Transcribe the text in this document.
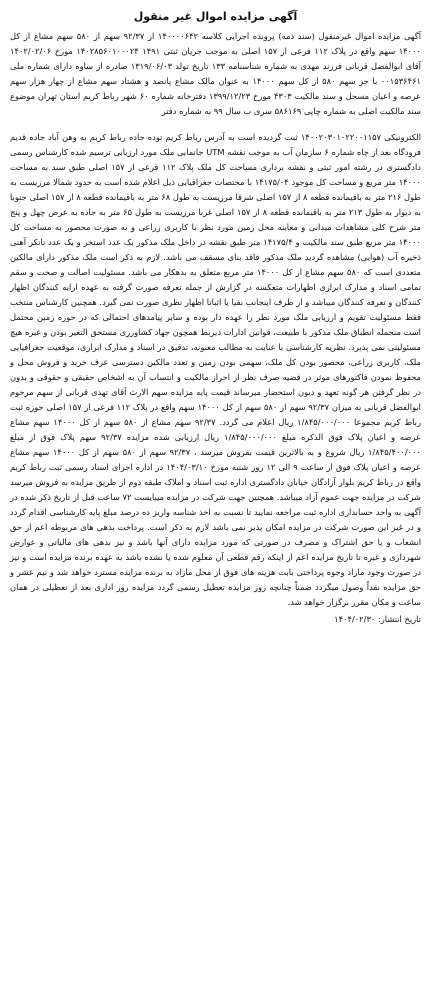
آگهی مزایده اموال غیر منقول

آگهی مزایده اموال غیرمنقول (سند ذمه) پرونده اجرایی کلاسه ۱۴۰۰۰۰۶۴۲ از ۹۲/۳۷ سهم از ۵۸۰ سهم مشاع از کل ۱۴۰۰۰ سهم واقع در پلاک ۱۱۲ فرعی از ۱۵۷ اصلی به موجب جریان ثبتی ۱۴۹۱ ۱۴۰۲۸۵۶۰۱۰۰۰۲۴ مورخ ۱۴۰۲/۰۲/۰۶ آقای ابوالفضل قربانی فرزند مهدی به شماره شناسنامه ۱۳۳ تاریخ تولد ۱۳۱۹/۰۶/۰۳ صادره از ساوه دارای شماره ملی ۰۰۱۵۳۶۴۶۱ با جز سهم ۵۸۰ از کل سهم ۱۴۰۰۰ به عنوان مالک مشاع پانصد و هشتاد سهم مشاع از چهار هزار سهم عرصه و اعیان مسجل و سند مالکیت ۴۳۰۳ مورخ ۱۳۹۹/۱۲/۲۳ دفترخانه شماره ۶۰ شهر رباط کریم استان تهران موضوع سند مالکیت اصلی به شماره چاپی ۵۸۶۱۶۹ سری ب سال ۹۹ به شماره دفتر

الکترونیکی ۱۴۰۰۲۰۳۰۱۰۲۲۰۰۱۱۵۷ ثبت گردیده است به آدرس رباط کریم توده جاده رباط کریم به وهن آباد جاده قدیم فرودگاه بعد از چاه شماره ۶ سازمان آب به موجب نقشه UTM جانمایی ملک مورد ارزیابی ترسیم شده کارشناس رسمی دادگستری در رشته امور ثبتی و نقشه برداری مساحت کل ملک پلاک ۱۱۲ فرعی از ۱۵۷ اصلی طبق سند به مساحت ۱۴۰۰۰ متر مربع و مساحت کل موجود ۱۴۱۷۵/۰۴ با مختصات جغرافیایی ذیل اعلام شده است به حدود شمالا مرزیست به طول ۲۱۶ متر به باقیمانده قطعه ۸ از ۱۵۷ اصلی شرقا مرزیست به طول ۶۸ متر به باقیمانده قطعه ۸ از ۱۵۷ اصلی جنوبا به دیوار به طول ۲۱۳ متر به باقیمانده قطعه ۸ از ۱۵۷ اصلی غربا مرزیست به طول ۶۵ متر به جاده به عرض چهل و پنج متر شرح کلی مشاهدات میدانی و معاینه محل زمین مورد نظر با کاربری زراعی و به صورت محصور به مساحت کل ۱۴۰۰۰ متر مربع طبق سند مالکیت و ۱۴۱۷۵/۴ متر طبق نقشه در داخل ملک مذکور یک عدد استخر و یک عدد تانکر آهنی ذخیره آب (هوایی) مشاهده گردید ملک مذکور فاقد بنای مسقف می باشد. لازم به ذکر است ملک مذکور دارای مالکین متعددی است که ۵۸۰ سهم مشاع از کل ۱۴۰۰۰ متر مربع متعلق به بدهکار می باشد. مسئولیت اصالت و صحت و سقم تمامی اسناد و مدارک ابرازی اظهارات متعکسه در گزارش از جمله تعرفه صورت گرفته به عهده ارایه کنندگان اظهار کنندگان و تعرفه کنندگان میباشد و از طرف اینجانب نفیا یا اثباتا اظهار نظری صورت نمی گیرد. همچنین کارشناس منتخب فقط مسئولیت تقویم و ارزیابی ملک مورد نظر را عهده دار بوده و سایر پیامدهای احتمالی که در حوزه زمین محتمل است منجمله انطباق ملک مذکور با طبیعت، قوانین ادارات ذیربط همچون جهاد کشاورزی مستحق التغیر بودن و غیره هیچ مسئولیتی نمی پذیرد. نظریه کارشناسی با عنایت به مطالب معنونه، تدقیق در اسناد و مدارک ابرازی، موقعیت جغرافیایی ملک، کاربری زراعی، محصور بودن کل ملک، سهمی بودن زمین و تعدد مالکین دسترسی عرف خرید و فروش محل و محفوظ نمودن فاکتورهای موثر در قضیه صرف نظر از احراز مالکیت و انتساب آن به اشخاص حقیقی و حقوقی و بدون در نظر گرفتن هر گونه تعهد و دیون استحضار میرساند قیمت پایه مزایده سهم الارث آقای تهدی قربانی از سهم مرحوم ابوالفضل قربانی به میزان ۹۲/۳۷ سهم از ۵۸۰ سهم از کل ۱۴۰۰۰ سهم واقع در پلاک ۱۱۲ فرعی از ۱۵۷ اصلی حوزه ثبت رباط کریم مجموعا ۱/۸۴۵/۰۰۰/۰۰۰ ریال اعلام می گردد. ۹۲/۳۷ سهم مشاع از ۵۸۰ سهم از کل ۱۴۰۰۰ سهم مشاع عرصه و اعیان پلاک فوق الذکره مبلغ ۱/۸۴۵/۰۰۰/۰۰۰ ریال ارزیابی شده مزایده ۹۲/۳۷ سهم پلاک فوق از مبلغ ۱/۸۴۵/۴۰۰/۰۰۰ ریال شروع و به بالاترین قیمت بفروش میرسد ، ۹۲/۳۷ سهم از ۵۸۰ سهم از کل ۱۴۰۰۰ سهم مشاع عرصه و اعیان پلاک فوق از ساعت ۹ الی ۱۲ روز شنبه مورخ ۱۴۰۴/۰۳/۱۰ در اداره اجرای اسناد رسمی ثبت رباط کریم واقع در رباط کریم بلوار آزادگان خیابان دادگستری اداره ثبت اسناد و املاک طبقه دوم از طریق مزایده به فروش میرسد شرکت در مزایده جهت عموم آزاد میباشد. همچنین جهت شرکت در مزایده میبایست ۷۲ ساعت قبل از تاریخ ذکر شده در آگهی به واحد حسابداری اداره ثبت مراجعه نمایید تا نسبت به اخذ شناسه واریز ده درصد مبلغ پایه کارشناسی اقدام گردد و در غیر این صورت شرکت در مزایده امکان پذیر نمی باشد لازم به ذکر است. پرداخت بدهی های مربوطه اعم از حق انشعاب و یا حق اشتراک و مصرف در صورتی که مورد مزایده دارای آنها باشد و نیز بدهی های مالیاتی و عوارض شهرداری و غیره تا تاریخ مزایده اعم از اینکه رقم قطعی آن معلوم شده یا نشده باشد به عهده برنده مزایده است و نیز در صورت وجود مازاد وجوه پرداختی بابت هزینه های فوق از محل مازاد به برنده مزایده مسترد خواهد شد و نیم عشر و حق مزایده نقداً وصول میگردد ضمناً چنانچه روز مزایده تعطیل رسمی گردد مزایده روز اداری بعد از تعطیلی در همان ساعت و مکان مقرر برگزار خواهد شد.

تاریخ انتشار: ۱۴۰۴/۰۲/۳۰
